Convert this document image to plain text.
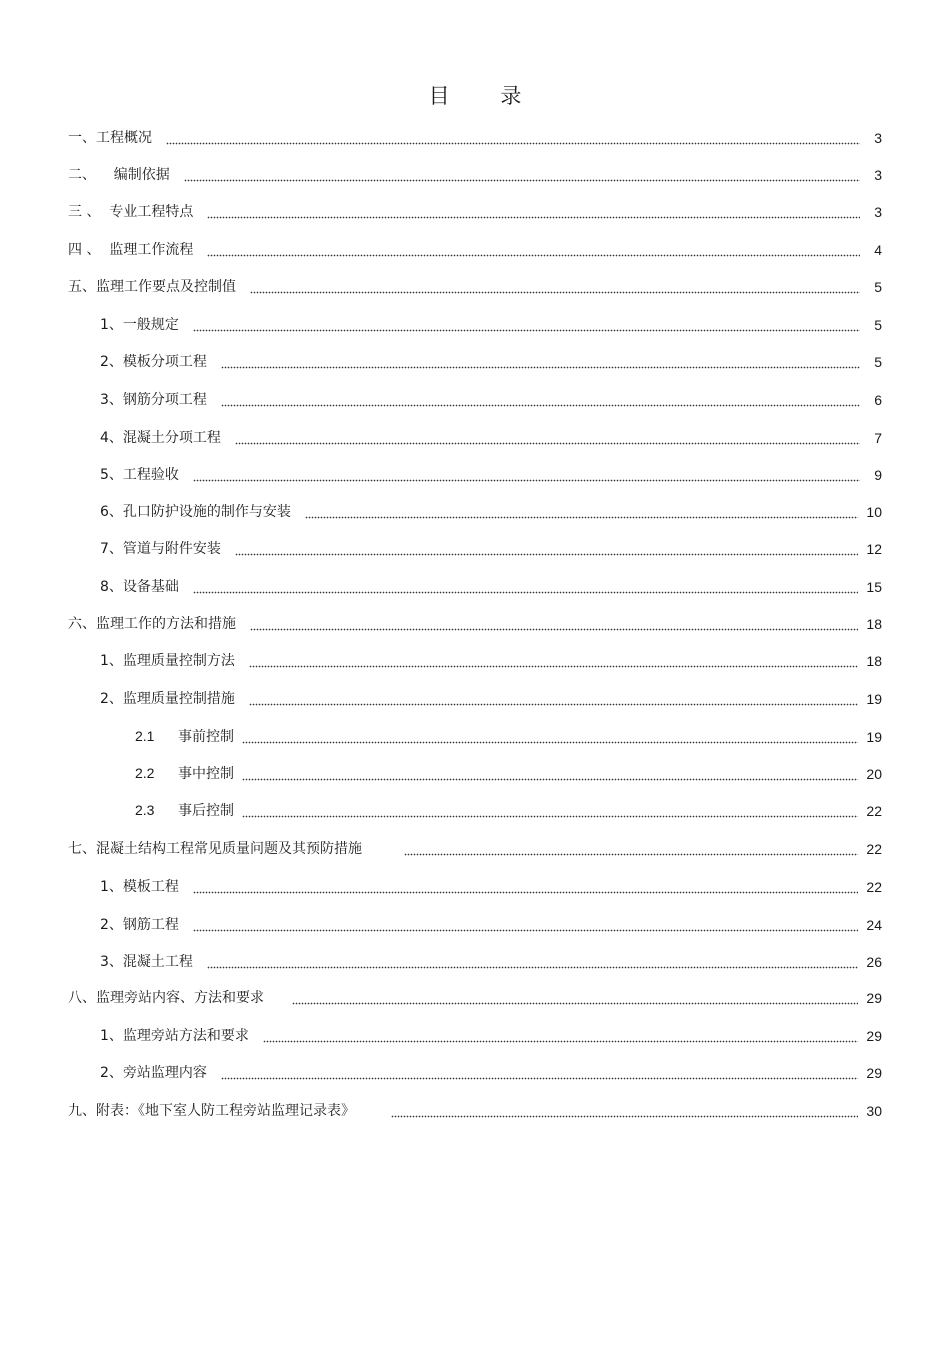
目 录
一、工程概况	3
二、    编制依据	3
三 、  专业工程特点	3
四 、  监理工作流程	4
五、监理工作要点及控制值	5
1、一般规定	5
2、模板分项工程	5
3、钢筋分项工程	6
4、混凝土分项工程	7
5、工程验收	9
6、孔口防护设施的制作与安装	10
7、管道与附件安装	12
8、设备基础	15
六、监理工作的方法和措施	18
1、监理质量控制方法	18
2、监理质量控制措施	19
2.1 事前控制	19
2.2 事中控制	20
2.3 事后控制	22
七、混凝土结构工程常见质量问题及其预防措施	22
1、模板工程	22
2、钢筋工程	24
3、混凝土工程	26
八、监理旁站内容、方法和要求	29
1、监理旁站方法和要求	29
2、旁站监理内容	29
九、附表：《地下室人防工程旁站监理记录表》	30
